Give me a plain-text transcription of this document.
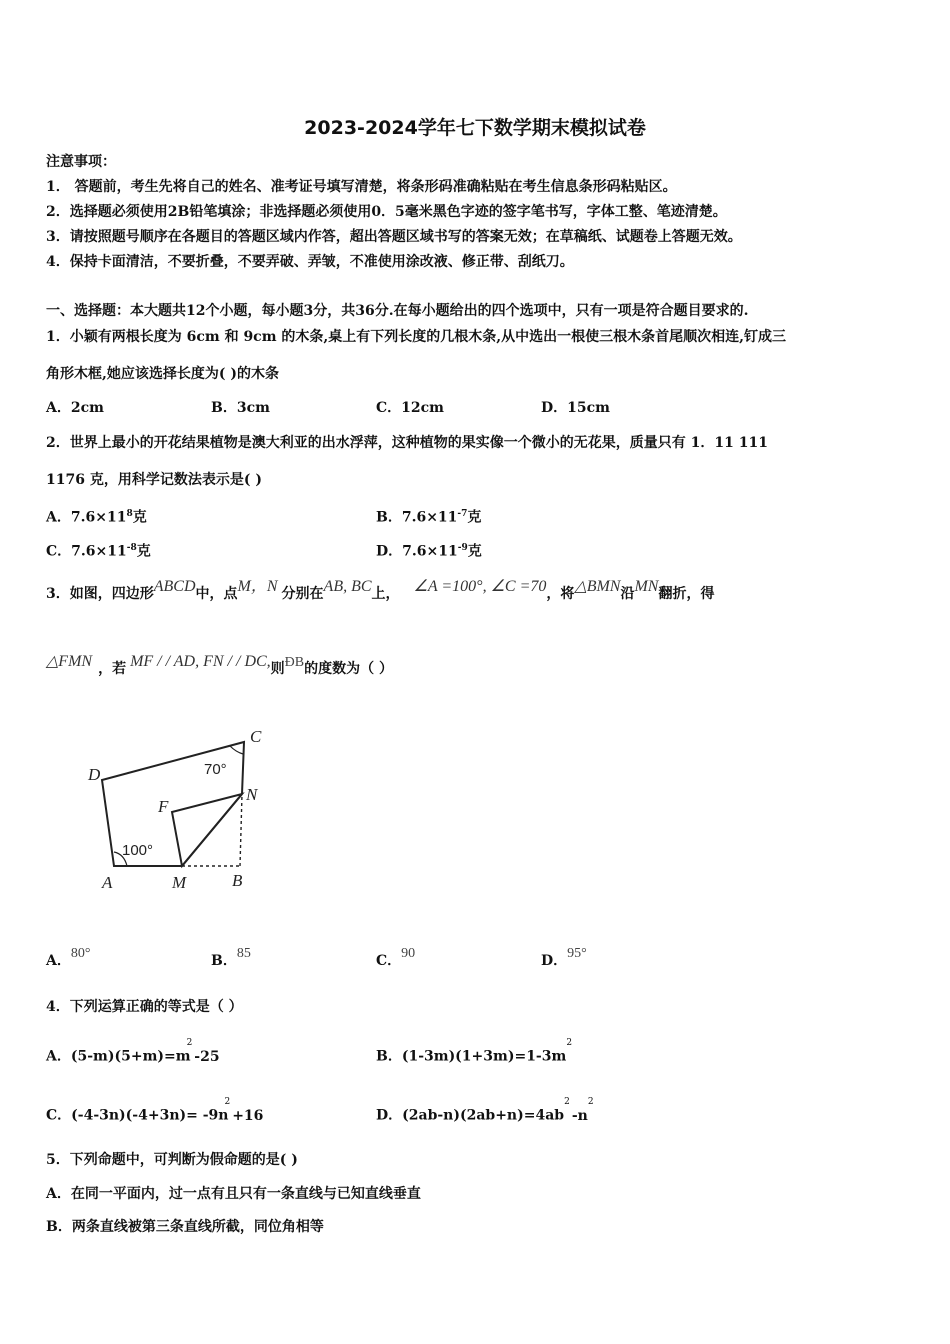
2023-2024学年七下数学期末模拟试卷
注意事项：
1． 答题前，考生先将自己的姓名、准考证号填写清楚，将条形码准确粘贴在考生信息条形码粘贴区。
2．选择题必须使用2B铅笔填涂；非选择题必须使用0．5毫米黑色字迹的签字笔书写，字体工整、笔迹清楚。
3．请按照题号顺序在各题目的答题区域内作答，超出答题区域书写的答案无效；在草稿纸、试题卷上答题无效。
4．保持卡面清洁，不要折叠，不要弄破、弄皱，不准使用涂改液、修正带、刮纸刀。
一、选择题：本大题共12个小题，每小题3分，共36分.在每小题给出的四个选项中，只有一项是符合题目要求的.
1．小颖有两根长度为 6cm 和 9cm 的木条,桌上有下列长度的几根木条,从中选出一根使三根木条首尾顺次相连,钉成三
角形木框,她应该选择长度为( )的木条
A．2cm	B．3cm	C．12cm	D．15cm
2．世界上最小的开花结果植物是澳大利亚的出水浮萍，这种植物的果实像一个微小的无花果，质量只有 1．11 111
1176 克，用科学记数法表示是( )
A．$7.6\times 11^8$克	B．$7.6\times 11^{-7}$克
C．$7.6\times 11^{-8}$克	D．$7.6\times 11^{-9}$克
3．如图，四边形ABCD中，点M，N 分别在AB, BC上， ∠A =100°, ∠C =70，将△BMN沿MN翻折，得
△FMN ，若 MF / / AD, FN / / DC,则ÐB的度数为（ ）
C
D
F
N
A	M	B
70°
100°
A．80°	B．85	C．90	D．95°
4．下列运算正确的等式是（ ）
A．$(5-m)(5+m)=m^2-25$	B．$(1-3m)(1+3m)=1-3m^2$
C．$(-4-3n)(-4+3n)= -9n^2+16$	D．$(2ab-n)(2ab+n)=4ab^2-n^2$
5．下列命题中，可判断为假命题的是( )
A．在同一平面内，过一点有且只有一条直线与已知直线垂直
B．两条直线被第三条直线所截，同位角相等
